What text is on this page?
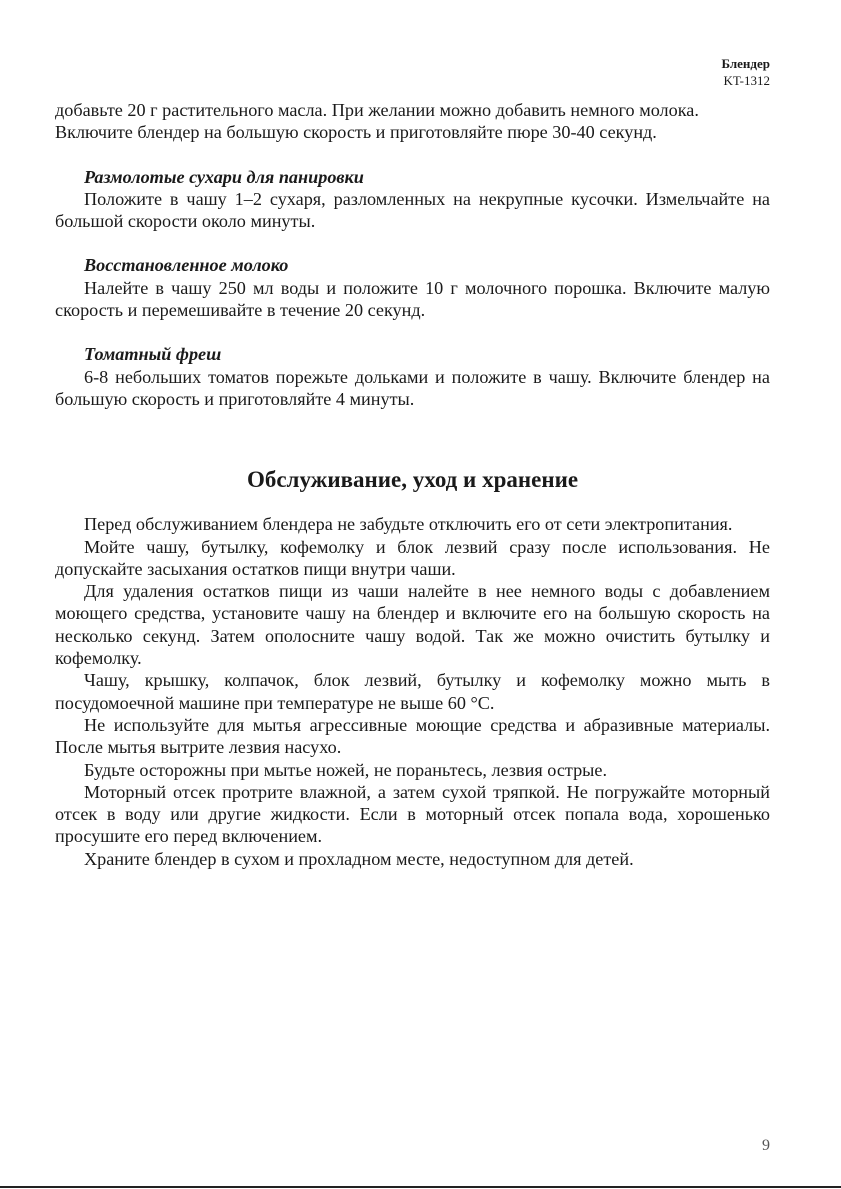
Блендер
KT-1312

добавьте 20 г растительного масла. При желании можно добавить немного молока.

Включите блендер на большую скорость и приготовляйте пюре 30-40 секунд.

Размолотые сухари для панировки

Положите в чашу 1–2 сухаря, разломленных на некрупные кусочки. Измельчайте на большой скорости около минуты.

Восстановленное молоко

Налейте в чашу 250 мл воды и положите 10 г молочного порошка. Включите малую скорость и перемешивайте в течение 20 секунд.

Томатный фреш

6-8 небольших томатов порежьте дольками и положите в чашу. Включите блендер на большую скорость и приготовляйте 4 минуты.

Обслуживание, уход и хранение

Перед обслуживанием блендера не забудьте отключить его от сети электропитания.

Мойте чашу, бутылку, кофемолку и блок лезвий сразу после использования. Не допускайте засыхания остатков пищи внутри чаши.

Для удаления остатков пищи из чаши налейте в нее немного воды с добавлением моющего средства, установите чашу на блендер и включите его на большую скорость на несколько секунд. Затем ополосните чашу водой. Так же можно очистить бутылку и кофемолку.

Чашу, крышку, колпачок, блок лезвий, бутылку и кофемолку можно мыть в посудомоечной машине при температуре не выше 60 °С.

Не используйте для мытья агрессивные моющие средства и абразивные материалы. После мытья вытрите лезвия насухо.

Будьте осторожны при мытье ножей, не пораньтесь, лезвия острые.

Моторный отсек протрите влажной, а затем сухой тряпкой. Не погружайте моторный отсек в воду или другие жидкости. Если в моторный отсек попала вода, хорошенько просушите его перед включением.

Храните блендер в сухом и прохладном месте, недоступном для детей.

9
